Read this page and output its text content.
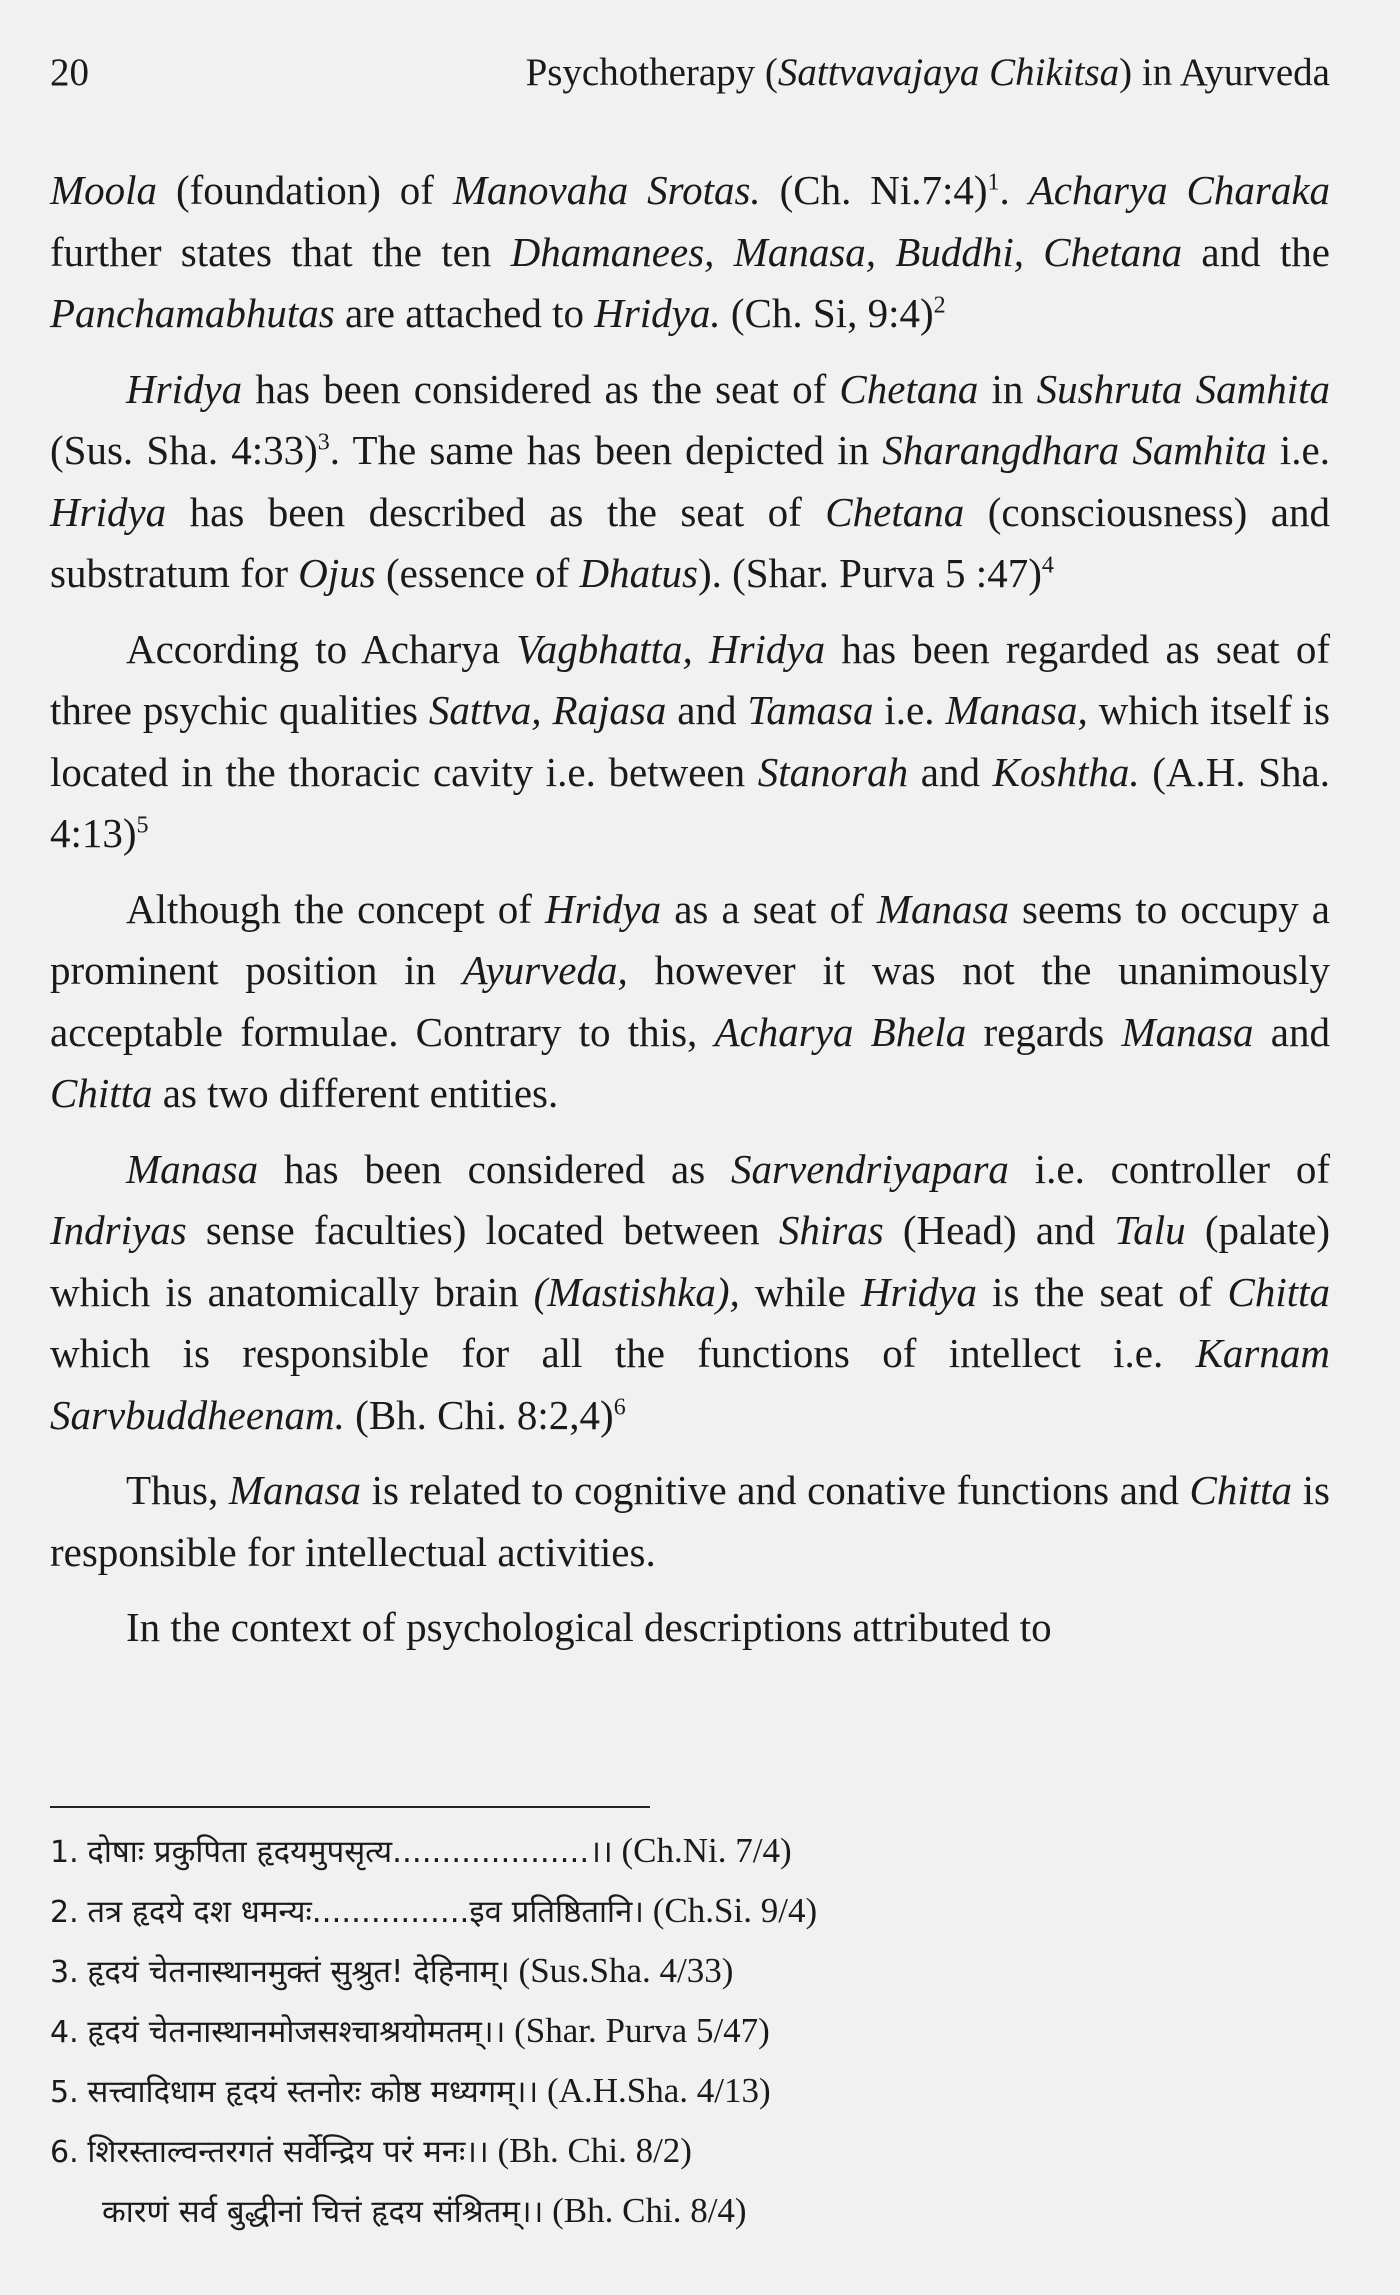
20	Psychotherapy (Sattvavajaya Chikitsa) in Ayurveda

Moola (foundation) of Manovaha Srotas. (Ch. Ni.7:4)$^1$. Acharya Charaka further states that the ten Dhamanees, Manasa, Buddhi, Chetana and the Panchamabhutas are attached to Hridya. (Ch. Si, 9:4)$^2$

Hridya has been considered as the seat of Chetana in Sushruta Samhita (Sus. Sha. 4:33)$^3$. The same has been depicted in Sharangdhara Samhita i.e. Hridya has been described as the seat of Chetana (consciousness) and substratum for Ojus (essence of Dhatus). (Shar. Purva 5 :47)$^4$

According to Acharya Vagbhatta, Hridya has been regarded as seat of three psychic qualities Sattva, Rajasa and Tamasa i.e. Manasa, which itself is located in the thoracic cavity i.e. between Stanorah and Koshtha. (A.H. Sha. 4:13)$^5$

Although the concept of Hridya as a seat of Manasa seems to occupy a prominent position in Ayurveda, however it was not the unanimously acceptable formulae. Contrary to this, Acharya Bhela regards Manasa and Chitta as two different entities.

Manasa has been considered as Sarvendriyapara i.e. controller of Indriyas sense faculties) located between Shiras (Head) and Talu (palate) which is anatomically brain (Mastishka), while Hridya is the seat of Chitta which is responsible for all the functions of intellect i.e. Karnam Sarvbuddheenam. (Bh. Chi. 8:2,4)$^6$

Thus, Manasa is related to cognitive and conative functions and Chitta is responsible for intellectual activities.

In the context of psychological descriptions attributed to

1. दोषाः प्रकुपिता हृदयमुपसृत्य....................।। (Ch.Ni. 7/4)
2. तत्र हृदये दश धमन्यः................इव प्रतिष्ठितानि। (Ch.Si. 9/4)
3. हृदयं चेतनास्थानमुक्तं सुश्रुत! देहिनाम्। (Sus.Sha. 4/33)
4. हृदयं चेतनास्थानमोजसश्चाश्रयोमतम्।। (Shar. Purva 5/47)
5. सत्त्वादिधाम हृदयं स्तनोरः कोष्ठ मध्यगम्।। (A.H.Sha. 4/13)
6. शिरस्ताल्वन्तरगतं सर्वेन्द्रिय परं मनः।। (Bh. Chi. 8/2)
कारणं सर्व बुद्धीनां चित्तं हृदय संश्रितम्।। (Bh. Chi. 8/4)
